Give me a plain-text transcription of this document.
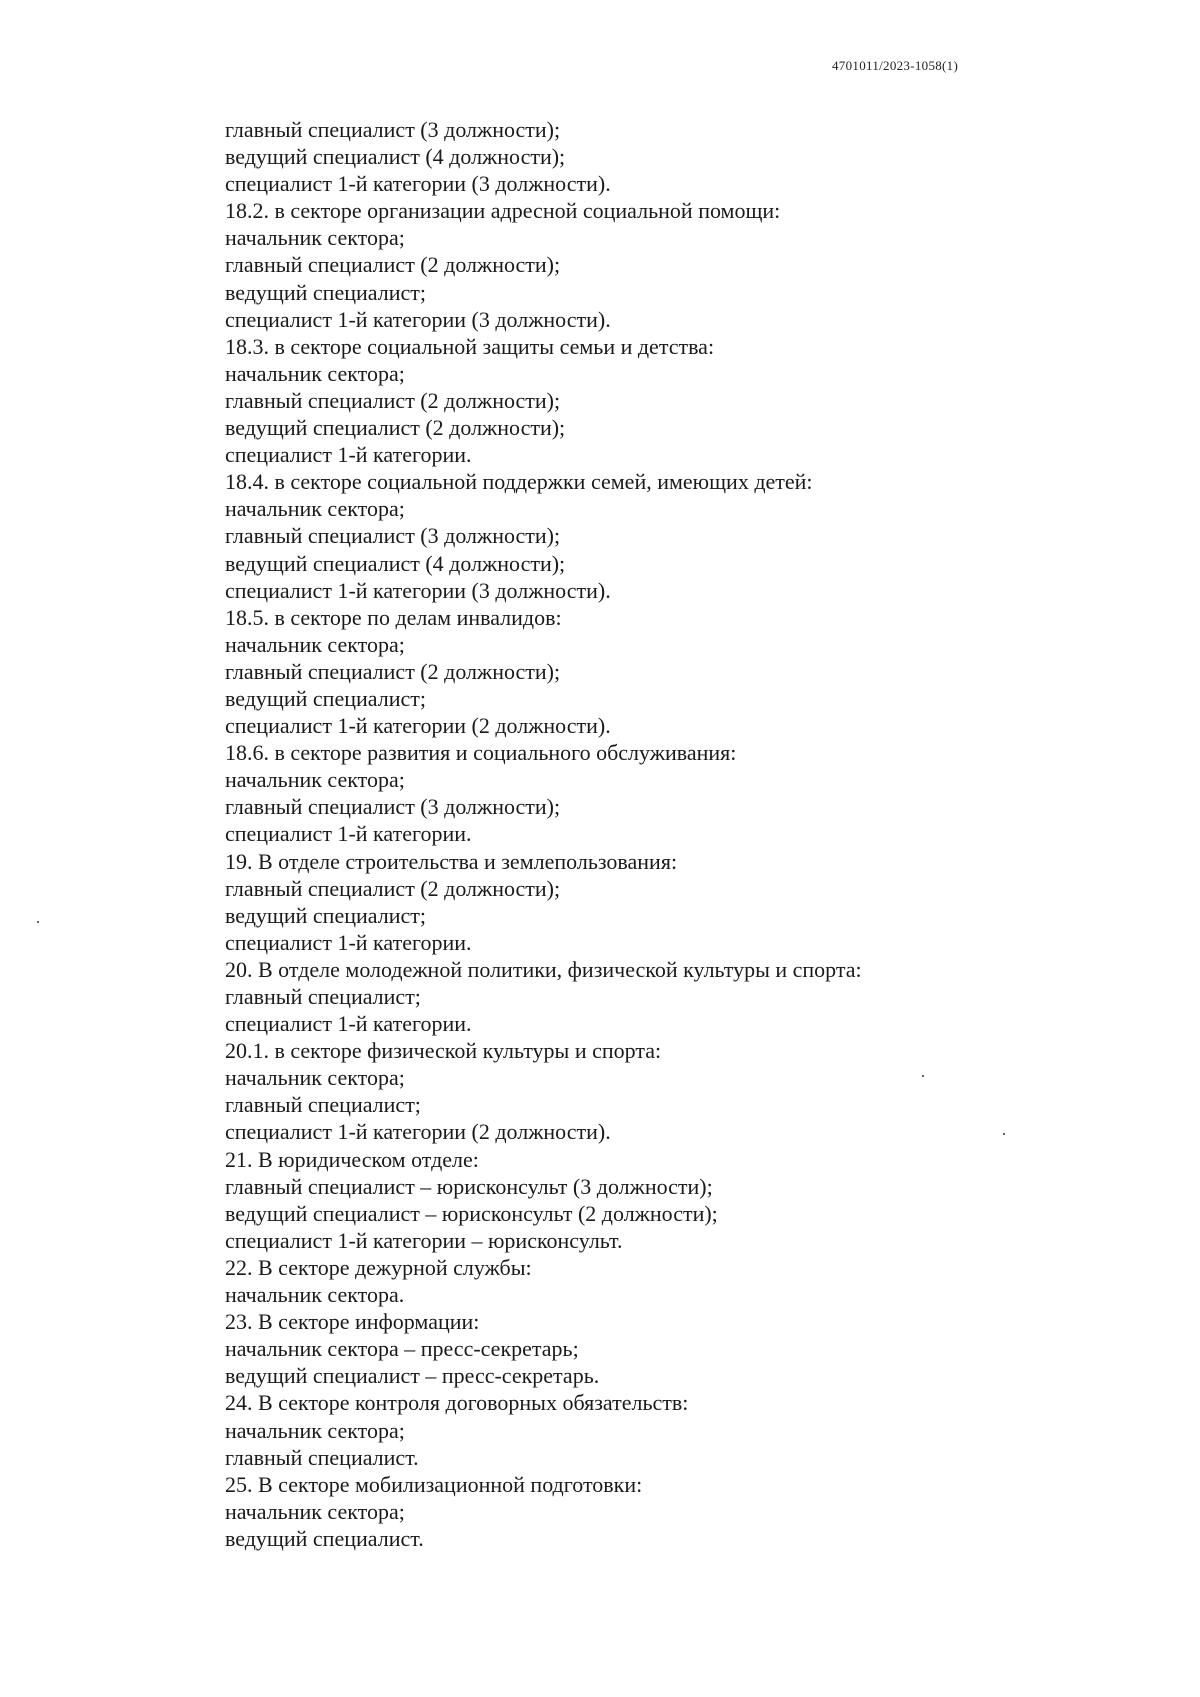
4701011/2023-1058(1)
главный специалист (3 должности);
ведущий специалист (4 должности);
специалист 1-й категории (3 должности).
18.2. в секторе организации адресной социальной помощи:
начальник сектора;
главный специалист (2 должности);
ведущий специалист;
специалист 1-й категории (3 должности).
18.3. в секторе социальной защиты семьи и детства:
начальник сектора;
главный специалист (2 должности);
ведущий специалист (2 должности);
специалист 1-й категории.
18.4. в секторе социальной поддержки семей, имеющих детей:
начальник сектора;
главный специалист (3 должности);
ведущий специалист (4 должности);
специалист 1-й категории (3 должности).
18.5. в секторе по делам инвалидов:
начальник сектора;
главный специалист (2 должности);
ведущий специалист;
специалист 1-й категории (2 должности).
18.6. в секторе развития и социального обслуживания:
начальник сектора;
главный специалист (3 должности);
специалист 1-й категории.
19. В отделе строительства и землепользования:
главный специалист (2 должности);
ведущий специалист;
специалист 1-й категории.
20. В отделе молодежной политики, физической культуры и спорта:
главный специалист;
специалист 1-й категории.
20.1. в секторе физической культуры и спорта:
начальник сектора;
главный специалист;
специалист 1-й категории (2 должности).
21. В юридическом отделе:
главный специалист – юрисконсульт (3 должности);
ведущий специалист – юрисконсульт (2 должности);
специалист 1-й категории – юрисконсульт.
22. В секторе дежурной службы:
начальник сектора.
23. В секторе информации:
начальник сектора – пресс-секретарь;
ведущий специалист – пресс-секретарь.
24. В секторе контроля договорных обязательств:
начальник сектора;
главный специалист.
25. В секторе мобилизационной подготовки:
начальник сектора;
ведущий специалист.
